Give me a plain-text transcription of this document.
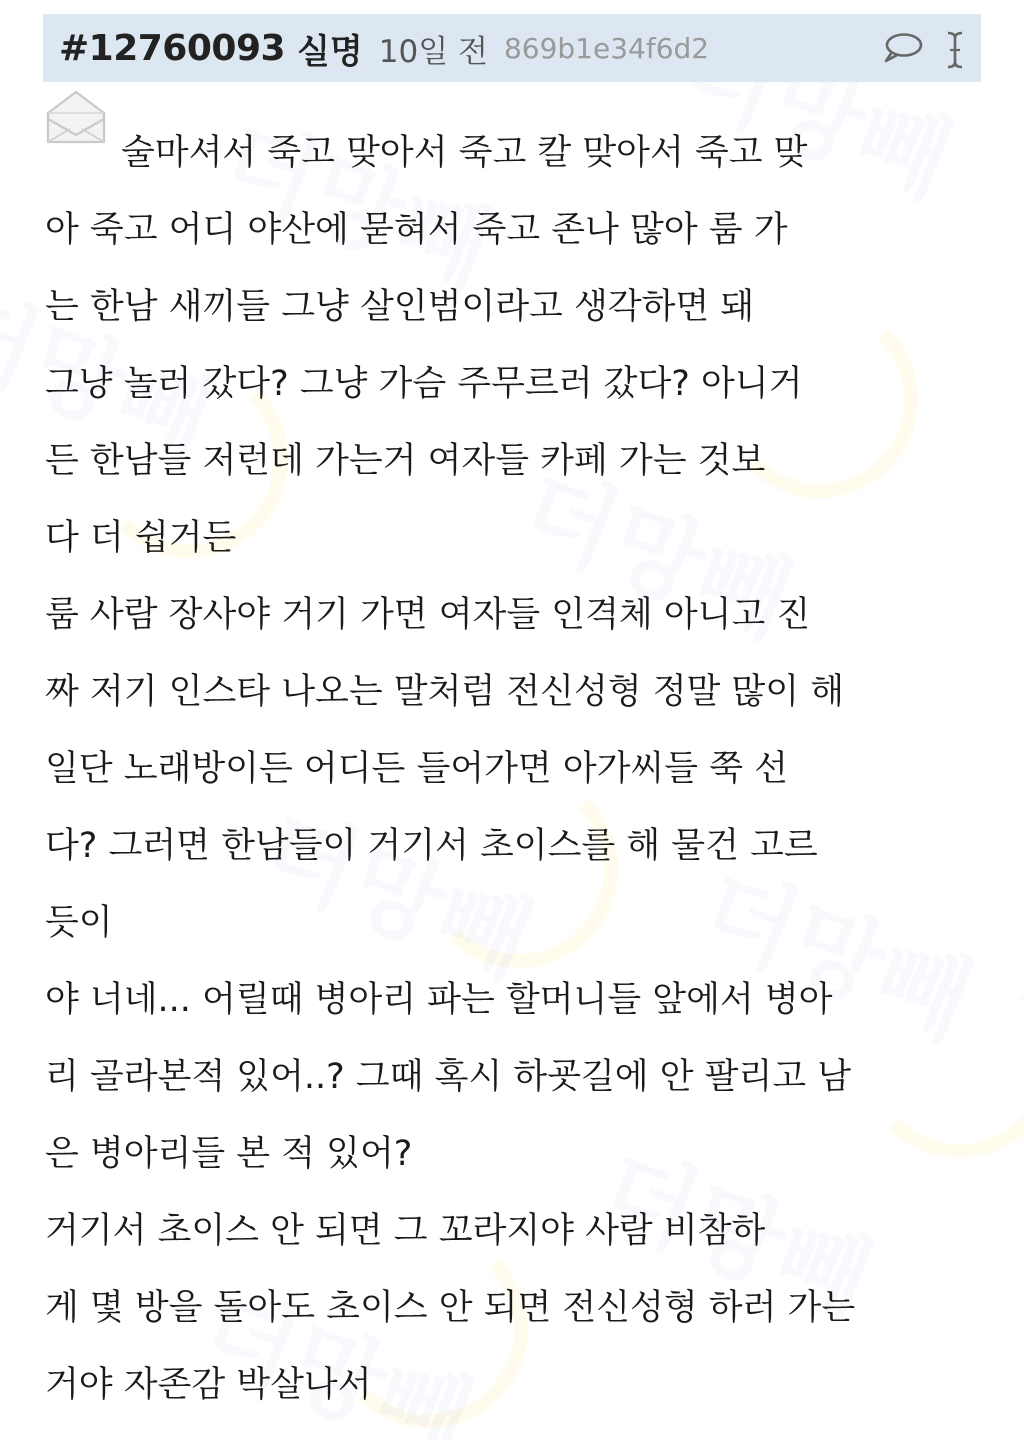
#12760093 실명 10일 전 869b1e34f6d2
술마셔서 죽고 맞아서 죽고 칼 맞아서 죽고 맞
아 죽고 어디 야산에 묻혀서 죽고 존나 많아 룸 가
는 한남 새끼들 그냥 살인범이라고 생각하면 돼
그냥 놀러 갔다? 그냥 가슴 주무르러 갔다? 아니거
든 한남들 저런데 가는거 여자들 카페 가는 것보
다 더 쉽거든
룸 사람 장사야 거기 가면 여자들 인격체 아니고 진
짜 저기 인스타 나오는 말처럼 전신성형 정말 많이 해
일단 노래방이든 어디든 들어가면 아가씨들 쭉 선
다? 그러면 한남들이 거기서 초이스를 해 물건 고르
듯이
야 너네... 어릴때 병아리 파는 할머니들 앞에서 병아
리 골라본적 있어..? 그때 혹시 하굣길에 안 팔리고 남
은 병아리들 본 적 있어?
거기서 초이스 안 되면 그 꼬라지야 사람 비참하
게 몇 방을 돌아도 초이스 안 되면 전신성형 하러 가는
거야 자존감 박살나서
